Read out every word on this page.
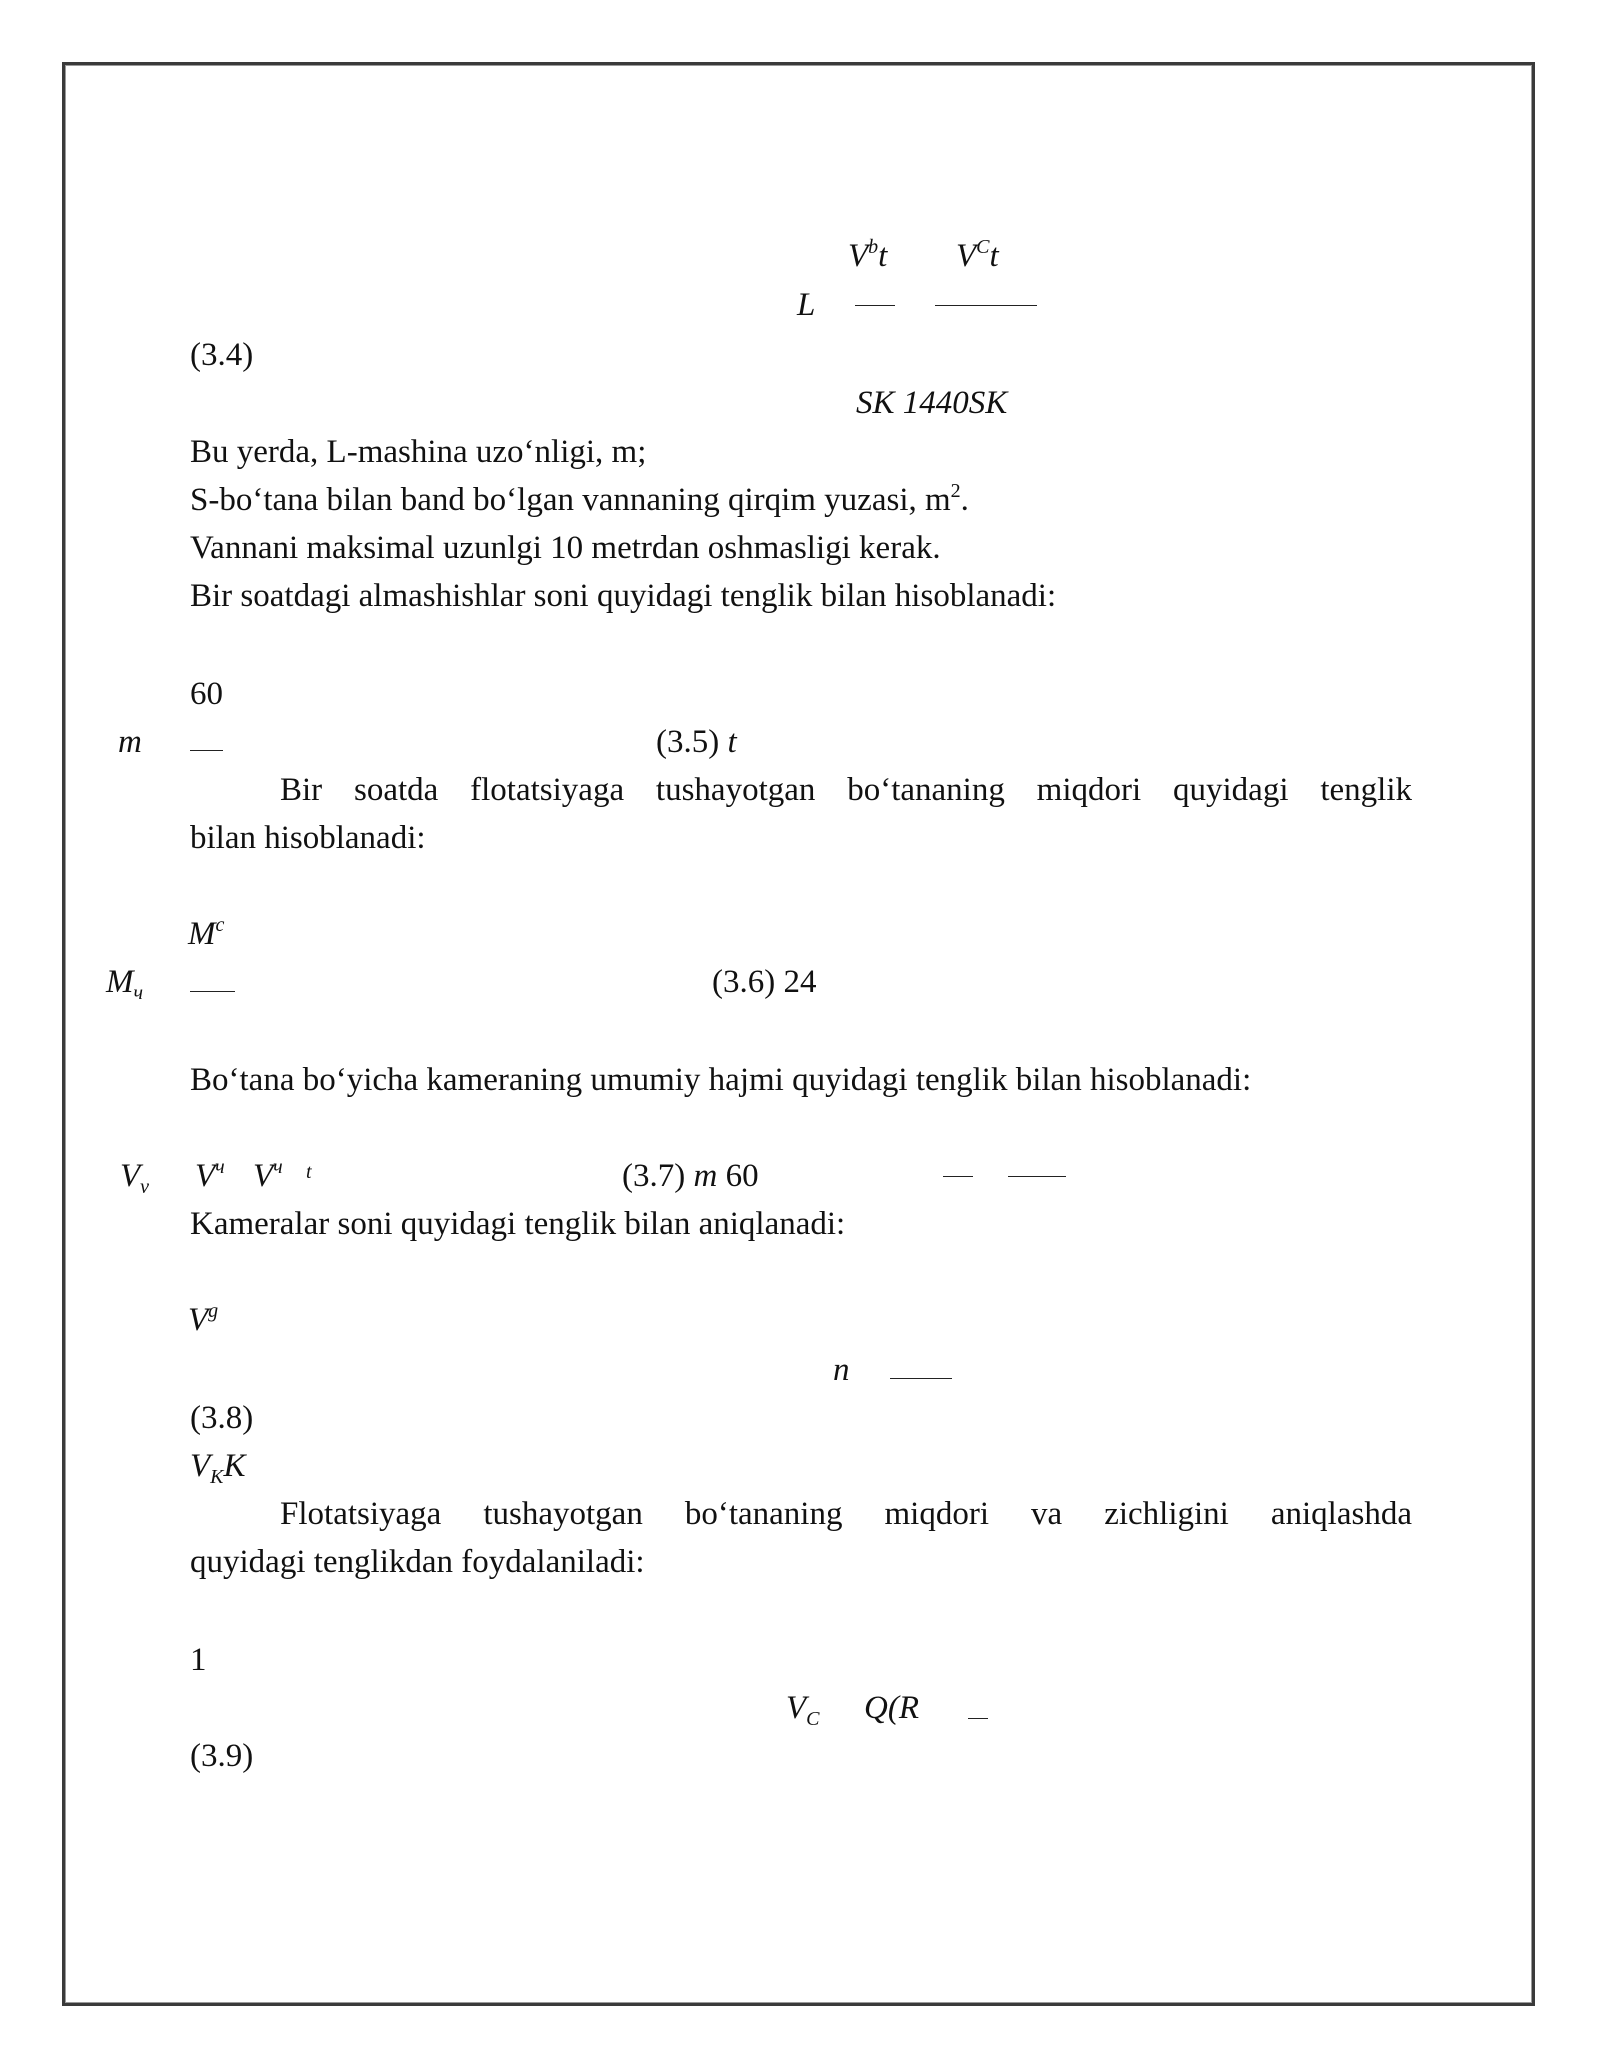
$V^bt$ $V^Ct$
L
(3.4)
SK 1440SK
Bu yerda, L-mashina uzo‘nligi, m;
S-bo‘tana bilan band bo‘lgan vannaning qirqim yuzasi, $m^2$.
Vannani maksimal uzunlgi 10 metrdan oshmasligi kerak.
Bir soatdagi almashishlar soni quyidagi tenglik bilan hisoblanadi:
60
m	(3.5) t
Bir soatda flotatsiyaga tushayotgan bo‘tananing miqdori quyidagi tenglik
bilan hisoblanadi:
$M^c$
$M_ч$	(3.6) 24
Bo‘tana bo‘yicha kameraning umumiy hajmi quyidagi tenglik bilan hisoblanadi:
$V_v$ $V^ч$ $V^ч$ t	(3.7) m 60
Kameralar soni quyidagi tenglik bilan aniqlanadi:
$V^g$
n
(3.8)
$V_KK$
Flotatsiyaga tushayotgan bo‘tananing miqdori va zichligini aniqlashda
quyidagi tenglikdan foydalaniladi:
1
$V_C$ Q(R
(3.9)
